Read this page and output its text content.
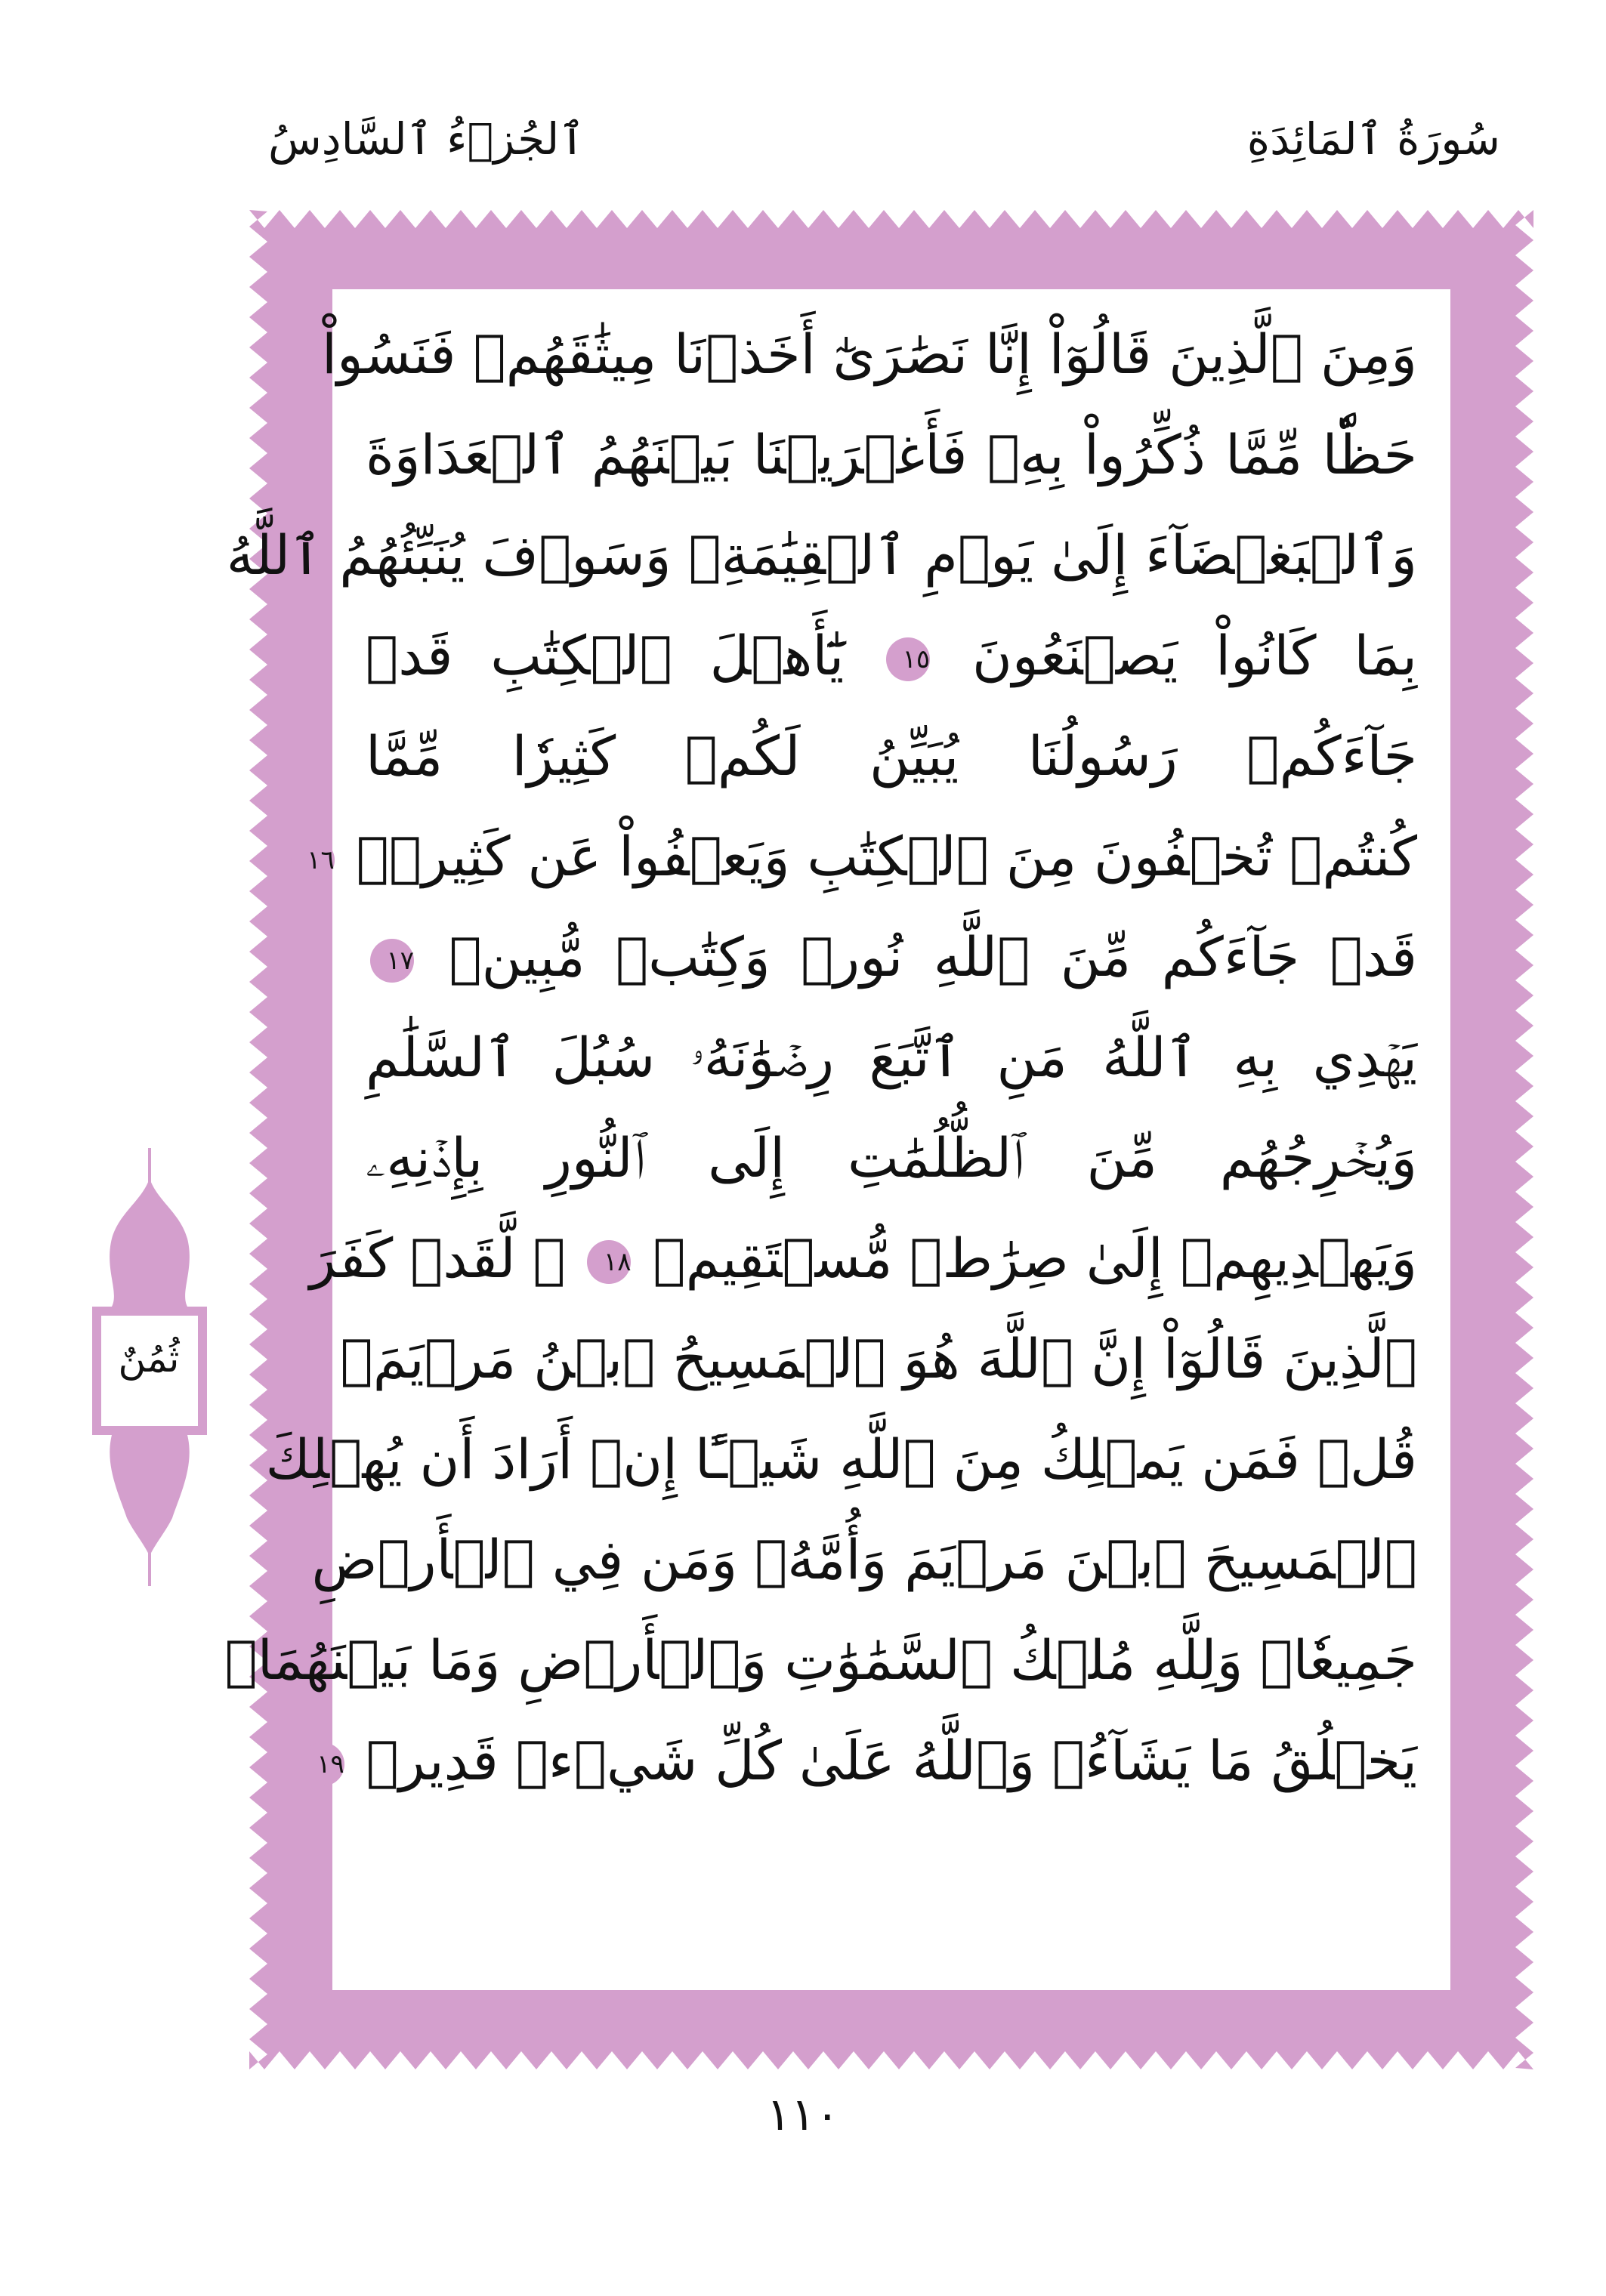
سُورَةُ ٱلمَائِدَةِ
ٱلجُزۡءُ ٱلسَّادِسُ
وَمِنَ ٱلَّذِينَ قَالُوٓاْ إِنَّا نَصَٰرَىٰٓ أَخَذۡنَا مِيثَٰقَهُمۡ فَنَسُواْ
حَظّٗا مِّمَّا ذُكِّرُواْ بِهِۦ فَأَغۡرَيۡنَا بَيۡنَهُمُ ٱلۡعَدَاوَةَ
وَٱلۡبَغۡضَآءَ إِلَىٰ يَوۡمِ ٱلۡقِيَٰمَةِۚ وَسَوۡفَ يُنَبِّئُهُمُ ٱللَّهُ
بِمَا كَانُواْ يَصۡنَعُونَ ١٥ يَٰٓأَهۡلَ ٱلۡكِتَٰبِ قَدۡ
جَآءَكُمۡ رَسُولُنَا يُبَيِّنُ لَكُمۡ كَثِيرٗا مِّمَّا
كُنتُمۡ تُخۡفُونَ مِنَ ٱلۡكِتَٰبِ وَيَعۡفُواْ عَن كَثِيرٖۚ ١٦
قَدۡ جَآءَكُم مِّنَ ٱللَّهِ نُورٞ وَكِتَٰبٞ مُّبِينٞ ١٧
يَهۡدِي بِهِ ٱللَّهُ مَنِ ٱتَّبَعَ رِضۡوَٰنَهُۥ سُبُلَ ٱلسَّلَٰمِ
وَيُخۡرِجُهُم مِّنَ ٱلظُّلُمَٰتِ إِلَى ٱلنُّورِ بِإِذۡنِهِۦ
وَيَهۡدِيهِمۡ إِلَىٰ صِرَٰطٖ مُّسۡتَقِيمٖ ١٨ ۞ لَّقَدۡ كَفَرَ
ٱلَّذِينَ قَالُوٓاْ إِنَّ ٱللَّهَ هُوَ ٱلۡمَسِيحُ ٱبۡنُ مَرۡيَمَۚ
قُلۡ فَمَن يَمۡلِكُ مِنَ ٱللَّهِ شَيۡـًٔا إِنۡ أَرَادَ أَن يُهۡلِكَ
ٱلۡمَسِيحَ ٱبۡنَ مَرۡيَمَ وَأُمَّهُۥ وَمَن فِي ٱلۡأَرۡضِ
جَمِيعٗاۗ وَلِلَّهِ مُلۡكُ ٱلسَّمَٰوَٰتِ وَٱلۡأَرۡضِ وَمَا بَيۡنَهُمَاۚ
يَخۡلُقُ مَا يَشَآءُۚ وَٱللَّهُ عَلَىٰ كُلِّ شَيۡءٖ قَدِيرٞ ١٩
ثُمُنٌ
١١٠
